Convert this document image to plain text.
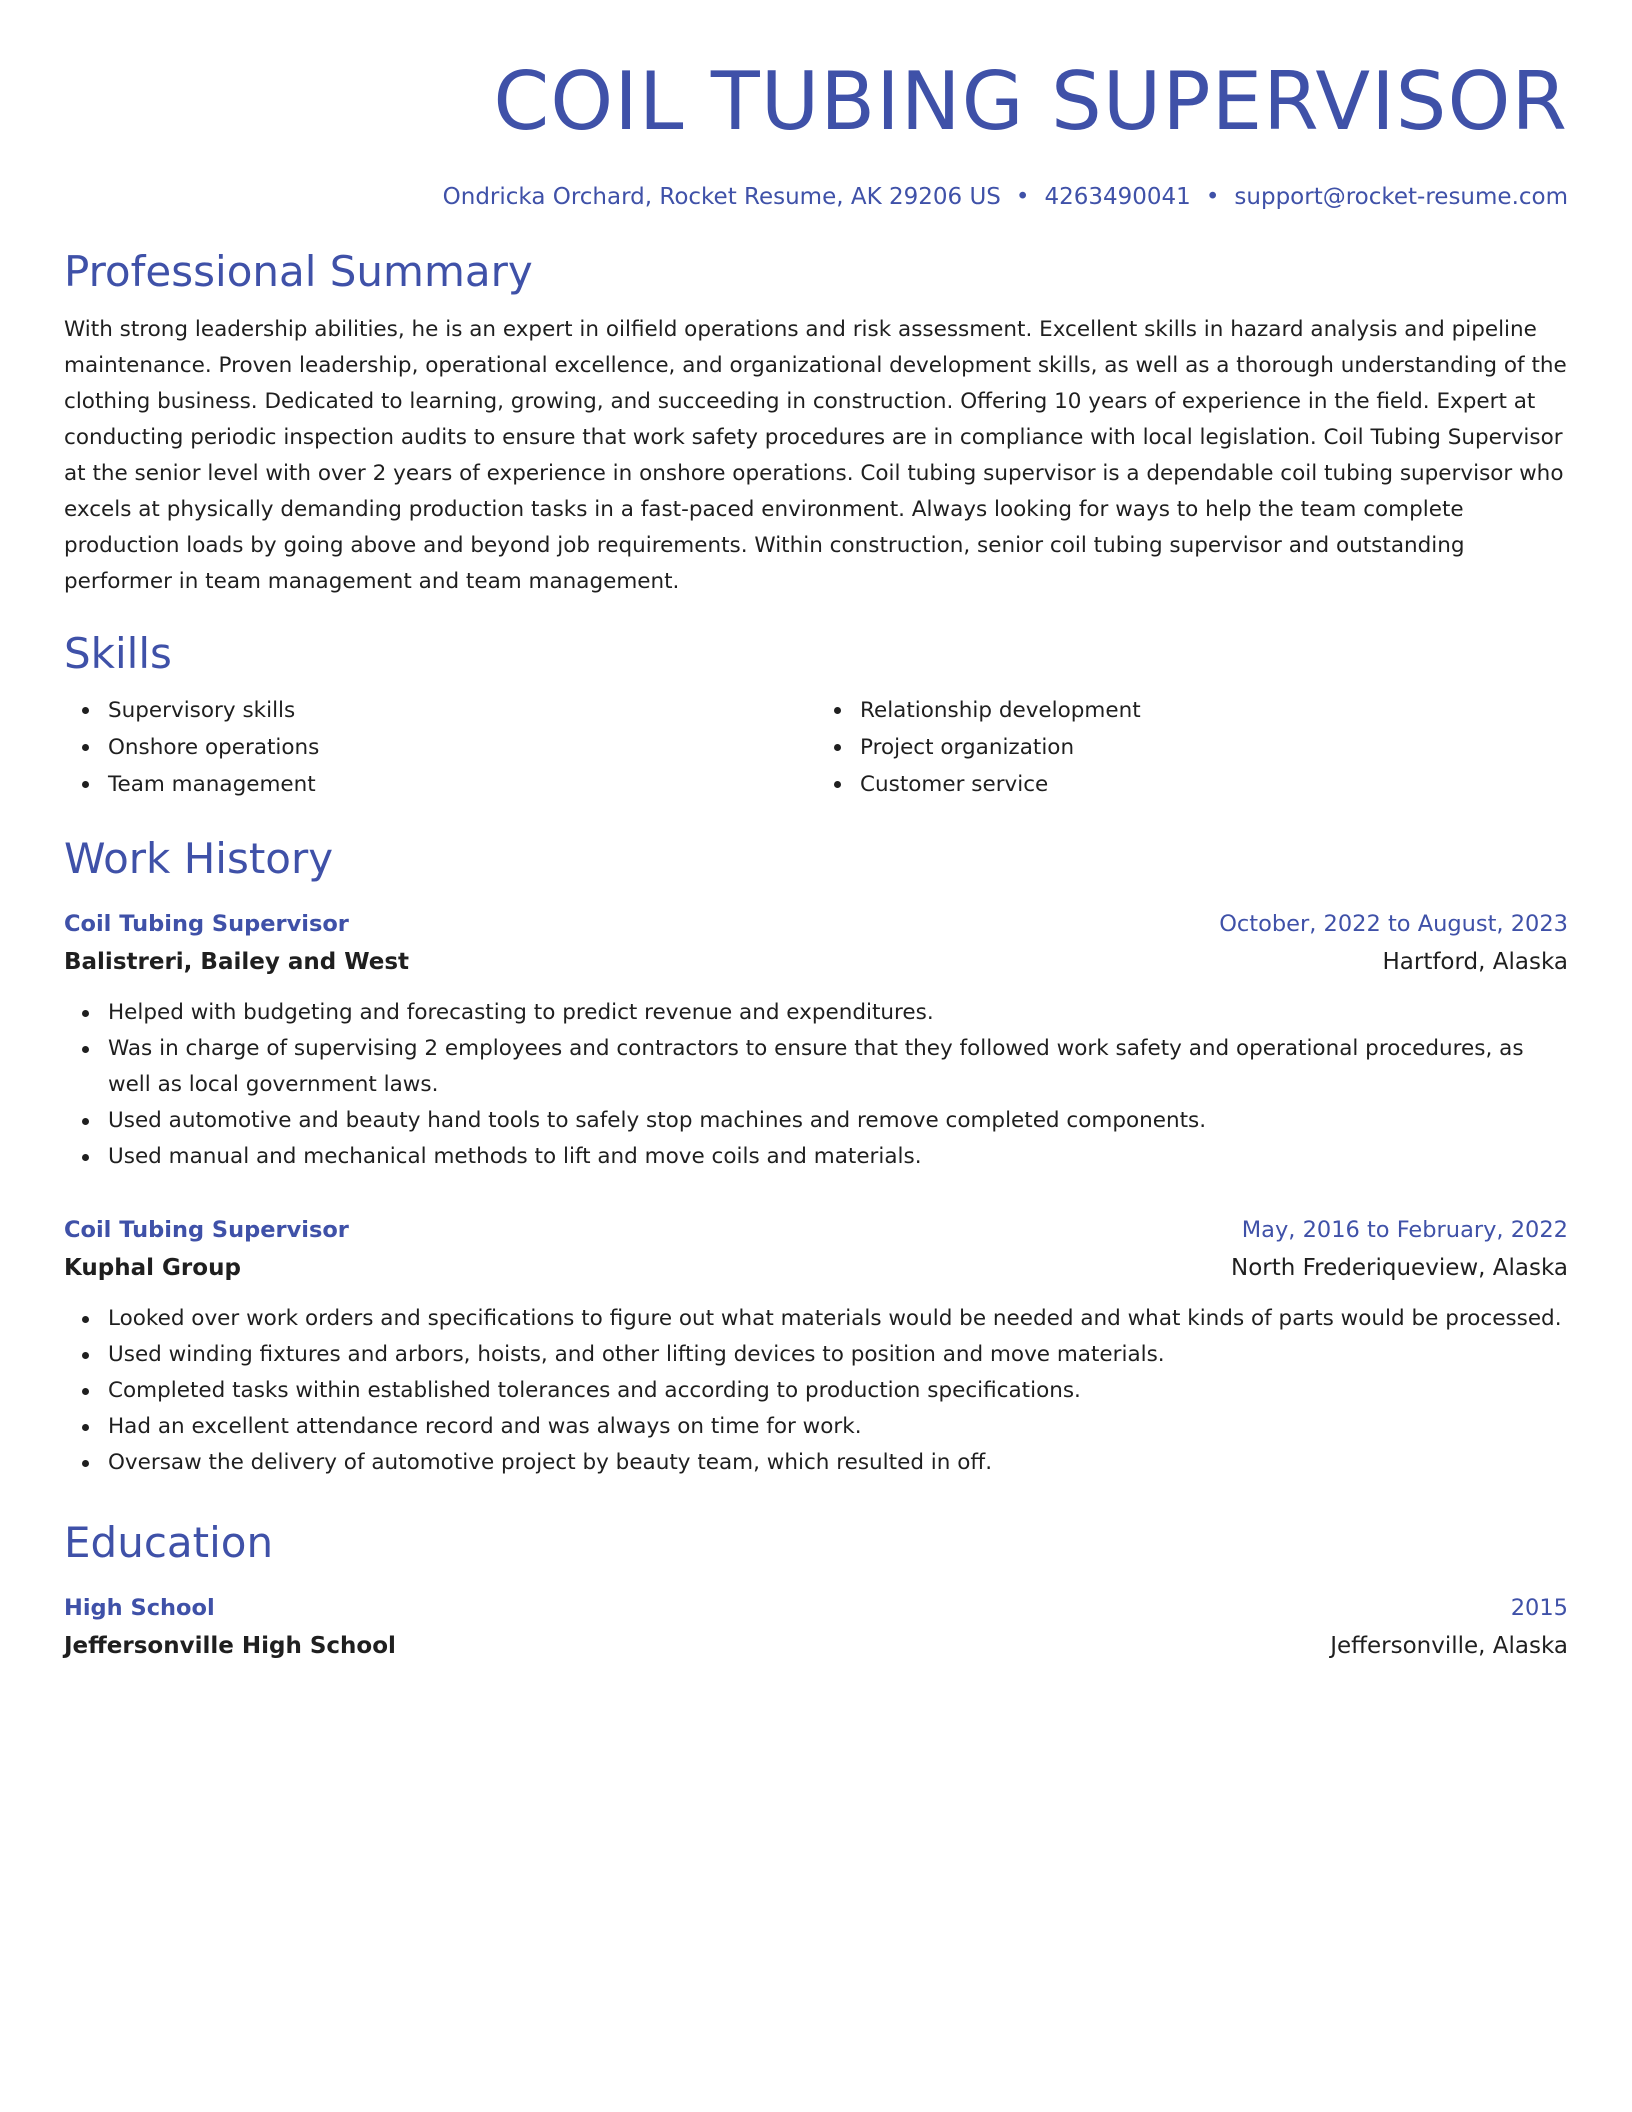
COIL TUBING SUPERVISOR
Ondricka Orchard, Rocket Resume, AK 29206 US • 4263490041 • support@rocket-resume.com
Professional Summary

With strong leadership abilities, he is an expert in oilfield operations and risk assessment. Excellent skills in hazard analysis and pipeline maintenance. Proven leadership, operational excellence, and organizational development skills, as well as a thorough understanding of the clothing business. Dedicated to learning, growing, and succeeding in construction. Offering 10 years of experience in the field. Expert at conducting periodic inspection audits to ensure that work safety procedures are in compliance with local legislation. Coil Tubing Supervisor at the senior level with over 2 years of experience in onshore operations. Coil tubing supervisor is a dependable coil tubing supervisor who excels at physically demanding production tasks in a fast-paced environment. Always looking for ways to help the team complete production loads by going above and beyond job requirements. Within construction, senior coil tubing supervisor and outstanding performer in team management and team management.

Skills
Supervisory skills
Onshore operations
Team management
Relationship development
Project organization
Customer service
Work History
Coil Tubing Supervisor	October, 2022 to August, 2023
Balistreri, Bailey and West	Hartford, Alaska
Helped with budgeting and forecasting to predict revenue and expenditures.
Was in charge of supervising 2 employees and contractors to ensure that they followed work safety and operational procedures, as well as local government laws.
Used automotive and beauty hand tools to safely stop machines and remove completed components.
Used manual and mechanical methods to lift and move coils and materials.
Coil Tubing Supervisor	May, 2016 to February, 2022
Kuphal Group	North Frederiqueview, Alaska
Looked over work orders and specifications to figure out what materials would be needed and what kinds of parts would be processed.
Used winding fixtures and arbors, hoists, and other lifting devices to position and move materials.
Completed tasks within established tolerances and according to production specifications.
Had an excellent attendance record and was always on time for work.
Oversaw the delivery of automotive project by beauty team, which resulted in off.
Education
High School	2015
Jeffersonville High School	Jeffersonville, Alaska
